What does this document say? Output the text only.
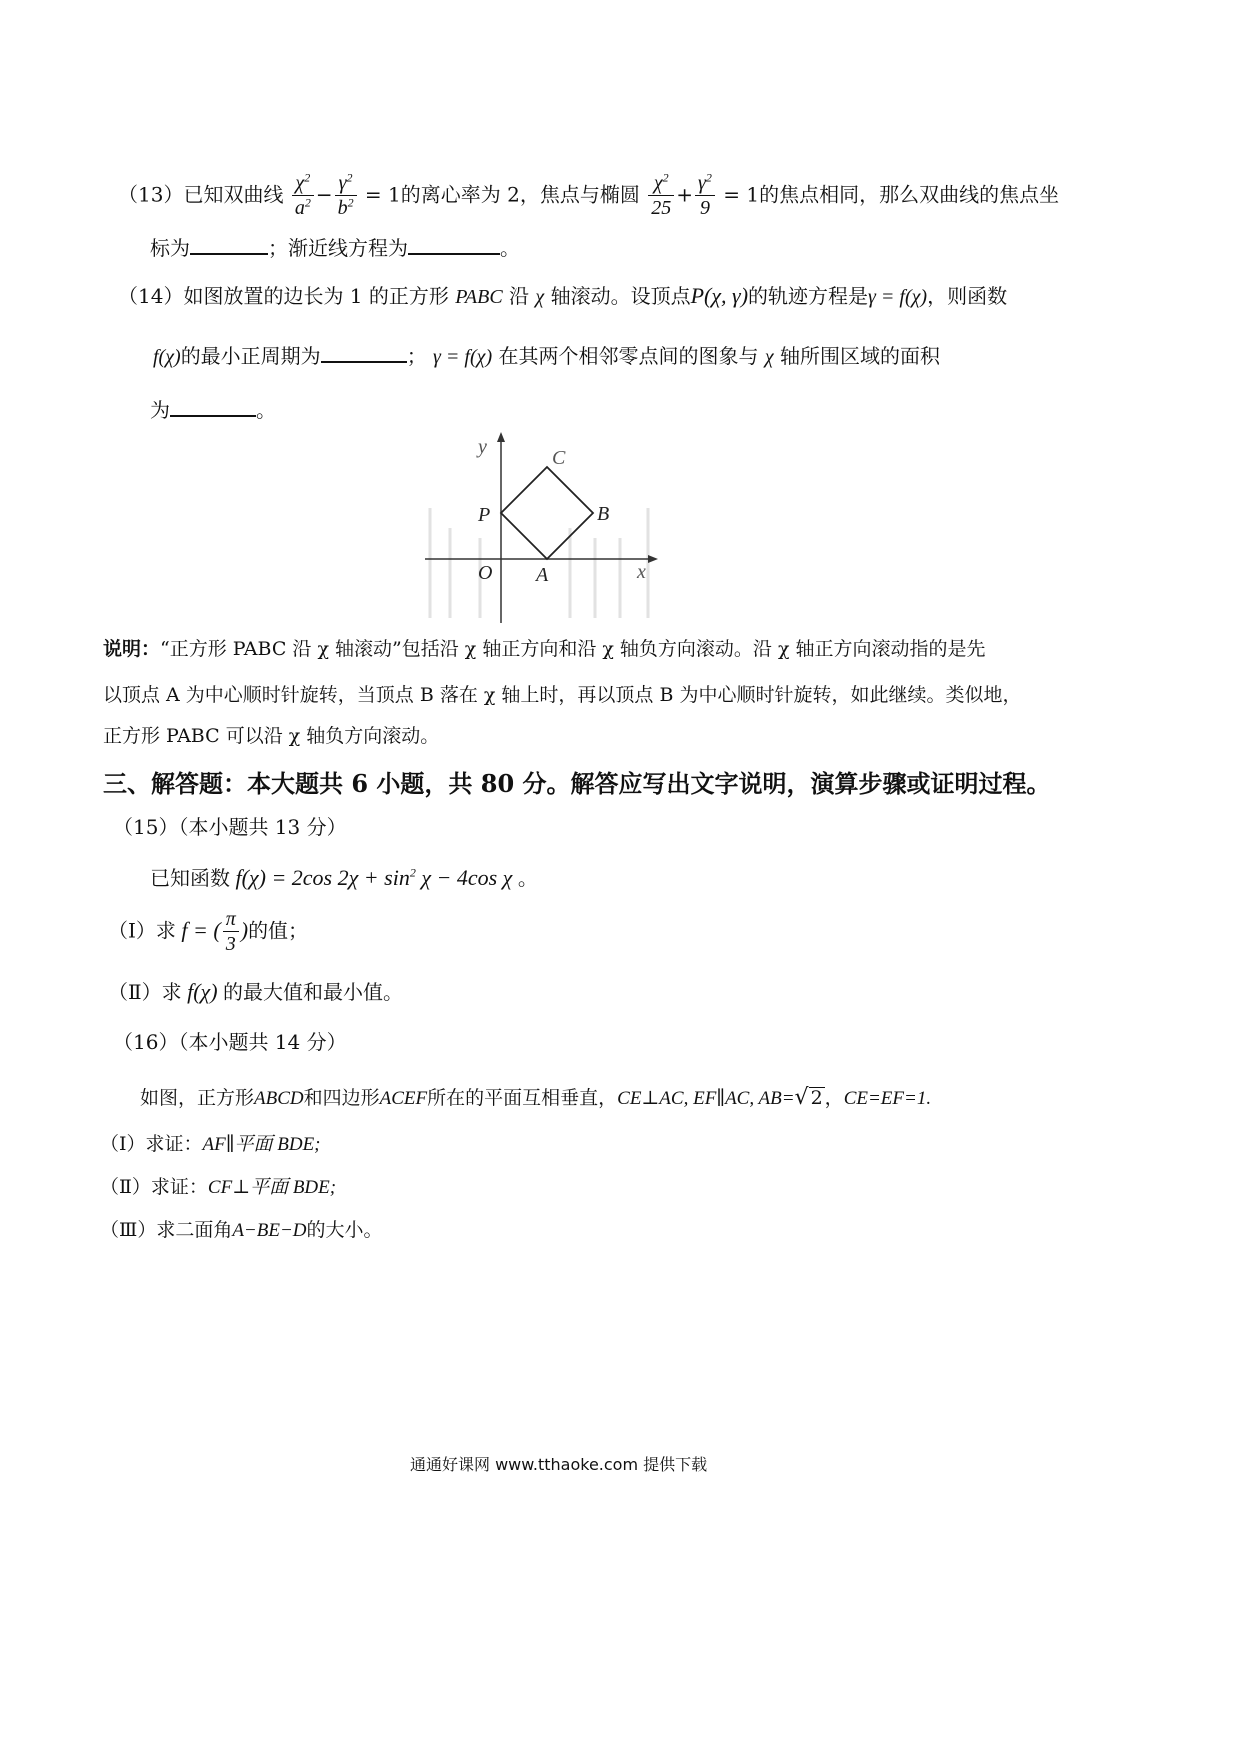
（13）已知双曲线 $\frac{\chi^2}{a^2} - \frac{\gamma^2}{b^2} = 1$的离心率为 2，焦点与椭圆 $\frac{\chi^2}{25} + \frac{\gamma^2}{9} = 1$的焦点相同，那么双曲线的焦点坐
标为	；渐近线方程为	。
（14）如图放置的边长为 1 的正方形 PABC 沿 χ 轴滚动。设顶点P(χ, γ)的轨迹方程是γ = f(χ)，则函数
f(χ)的最小正周期为	； γ = f(χ) 在其两个相邻零点间的图象与 χ 轴所围区域的面积
为	。
y	C
P	B
O A	x
说明：“正方形 PABC 沿 χ 轴滚动”包括沿 χ 轴正方向和沿 χ 轴负方向滚动。沿 χ 轴正方向滚动指的是先
以顶点 A 为中心顺时针旋转，当顶点 B 落在 χ 轴上时，再以顶点 B 为中心顺时针旋转，如此继续。类似地，
正方形 PABC 可以沿 χ 轴负方向滚动。
三、解答题：本大题共 6 小题，共 80 分。解答应写出文字说明，演算步骤或证明过程。
（15）（本小题共 13 分）
已知函数 f(χ) = 2cos $2\chi + \sin^2 \chi - 4\cos$ χ 。
（Ⅰ）求 f = ( $\frac{\pi}{3}$ )的值；
（Ⅱ）求 f(χ) 的最大值和最小值。
（16）（本小题共 14 分）
如图，正方形ABCD和四边形ACEF所在的平面互相垂直，CE⊥AC, EF∥AC, AB=√ 2 ，CE=EF=1.
（Ⅰ）求证：AF∥平面 BDE;
（Ⅱ）求证：CF⊥平面 BDE;
（Ⅲ）求二面角A−BE−D的大小。
通通好课网 www.tthaoke.com 提供下载
